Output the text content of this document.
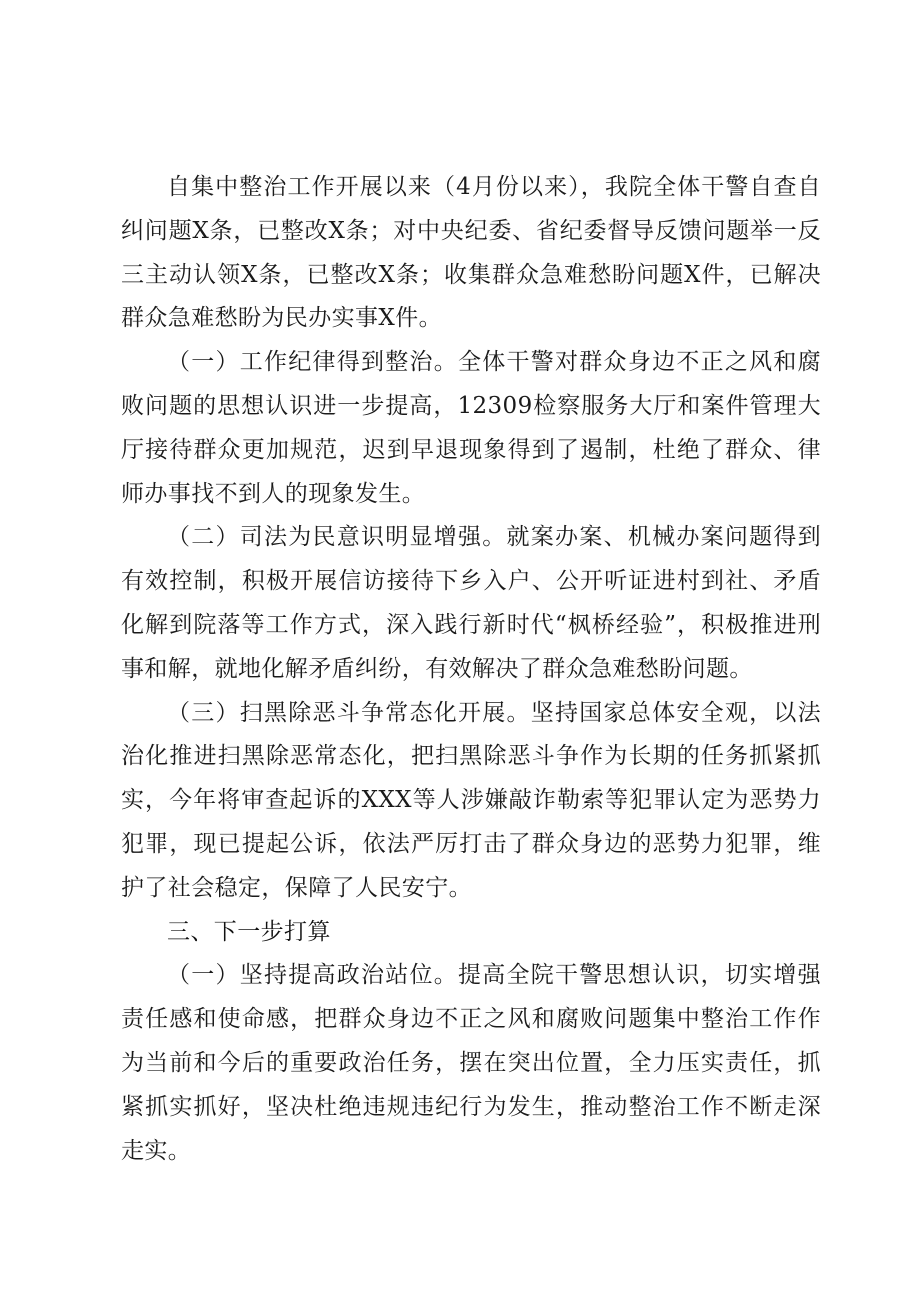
自集中整治工作开展以来（4月份以来），我院全体干警自查自纠问题X条，已整改X条；对中央纪委、省纪委督导反馈问题举一反三主动认领X条，已整改X条；收集群众急难愁盼问题X件，已解决群众急难愁盼为民办实事X件。

（一）工作纪律得到整治。全体干警对群众身边不正之风和腐败问题的思想认识进一步提高，12309检察服务大厅和案件管理大厅接待群众更加规范，迟到早退现象得到了遏制，杜绝了群众、律师办事找不到人的现象发生。

（二）司法为民意识明显增强。就案办案、机械办案问题得到有效控制，积极开展信访接待下乡入户、公开听证进村到社、矛盾化解到院落等工作方式，深入践行新时代“枫桥经验”，积极推进刑事和解，就地化解矛盾纠纷，有效解决了群众急难愁盼问题。

（三）扫黑除恶斗争常态化开展。坚持国家总体安全观，以法治化推进扫黑除恶常态化，把扫黑除恶斗争作为长期的任务抓紧抓实，今年将审查起诉的XXX等人涉嫌敲诈勒索等犯罪认定为恶势力犯罪，现已提起公诉，依法严厉打击了群众身边的恶势力犯罪，维护了社会稳定，保障了人民安宁。

三、下一步打算

（一）坚持提高政治站位。提高全院干警思想认识，切实增强责任感和使命感，把群众身边不正之风和腐败问题集中整治工作作为当前和今后的重要政治任务，摆在突出位置，全力压实责任，抓紧抓实抓好，坚决杜绝违规违纪行为发生，推动整治工作不断走深走实。
